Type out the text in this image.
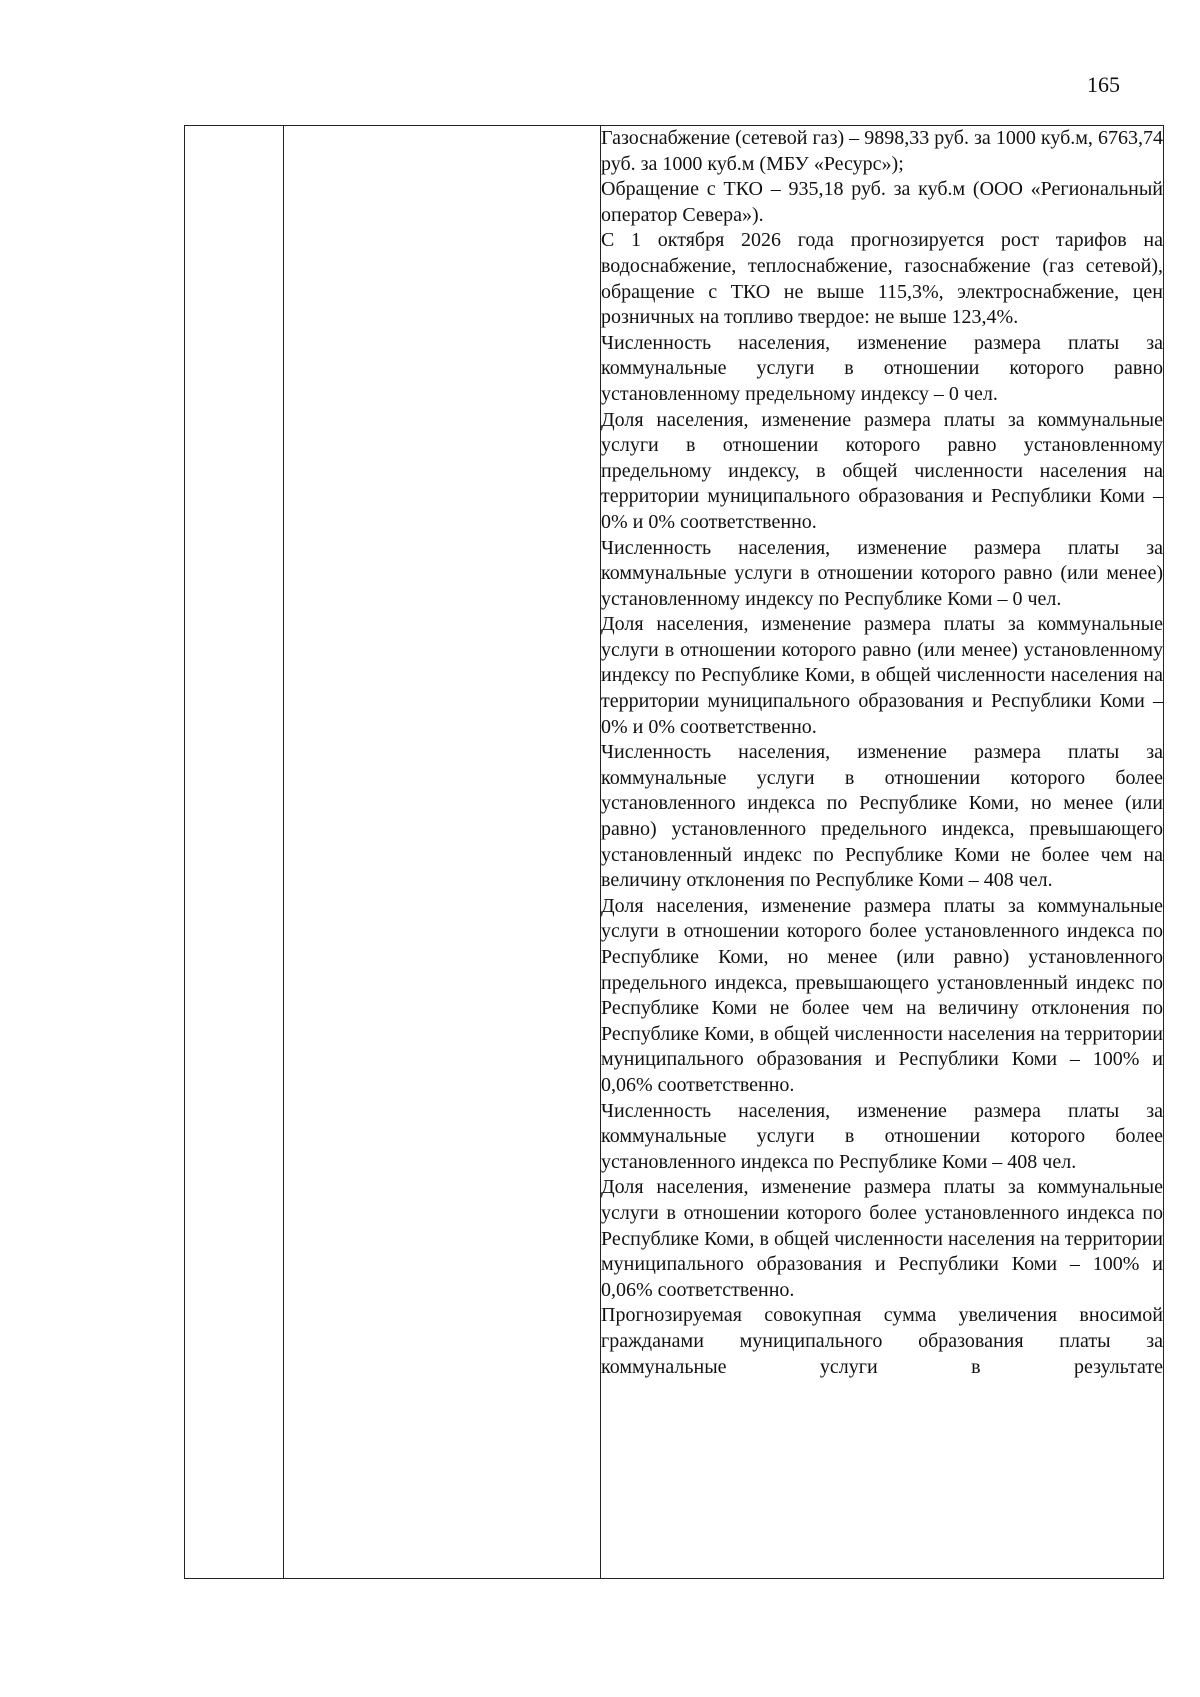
165

Газоснабжение (сетевой газ) – 9898,33 руб. за 1000 куб.м, 6763,74 руб. за 1000 куб.м (МБУ «Ресурс»);

Обращение с ТКО – 935,18 руб. за куб.м (ООО «Региональный оператор Севера»).

С 1 октября 2026 года прогнозируется рост тарифов на водоснабжение, теплоснабжение, газоснабжение (газ сетевой), обращение с ТКО не выше 115,3%, электроснабжение, цен розничных на топливо твердое: не выше 123,4%.

Численность населения, изменение размера платы за коммунальные услуги в отношении которого равно установленному предельному индексу – 0 чел.

Доля населения, изменение размера платы за коммунальные услуги в отношении которого равно установленному предельному индексу, в общей численности населения на территории муниципального образования и Республики Коми – 0% и 0% соответственно.

Численность населения, изменение размера платы за коммунальные услуги в отношении которого равно (или менее) установленному индексу по Республике Коми – 0 чел.

Доля населения, изменение размера платы за коммунальные услуги в отношении которого равно (или менее) установленному индексу по Республике Коми, в общей численности населения на территории муниципального образования и Республики Коми – 0% и 0% соответственно.

Численность населения, изменение размера платы за коммунальные услуги в отношении которого более установленного индекса по Республике Коми, но менее (или равно) установленного предельного индекса, превышающего установленный индекс по Республике Коми не более чем на величину отклонения по Республике Коми – 408 чел.

Доля населения, изменение размера платы за коммунальные услуги в отношении которого более установленного индекса по Республике Коми, но менее (или равно) установленного предельного индекса, превышающего установленный индекс по Республике Коми не более чем на величину отклонения по Республике Коми, в общей численности населения на территории муниципального образования и Республики Коми – 100% и 0,06% соответственно.

Численность населения, изменение размера платы за коммунальные услуги в отношении которого более установленного индекса по Республике Коми – 408 чел.

Доля населения, изменение размера платы за коммунальные услуги в отношении которого более установленного индекса по Республике Коми, в общей численности населения на территории муниципального образования и Республики Коми – 100% и 0,06% соответственно.

Прогнозируемая совокупная сумма увеличения вносимой гражданами муниципального образования платы за коммунальные услуги в результате
